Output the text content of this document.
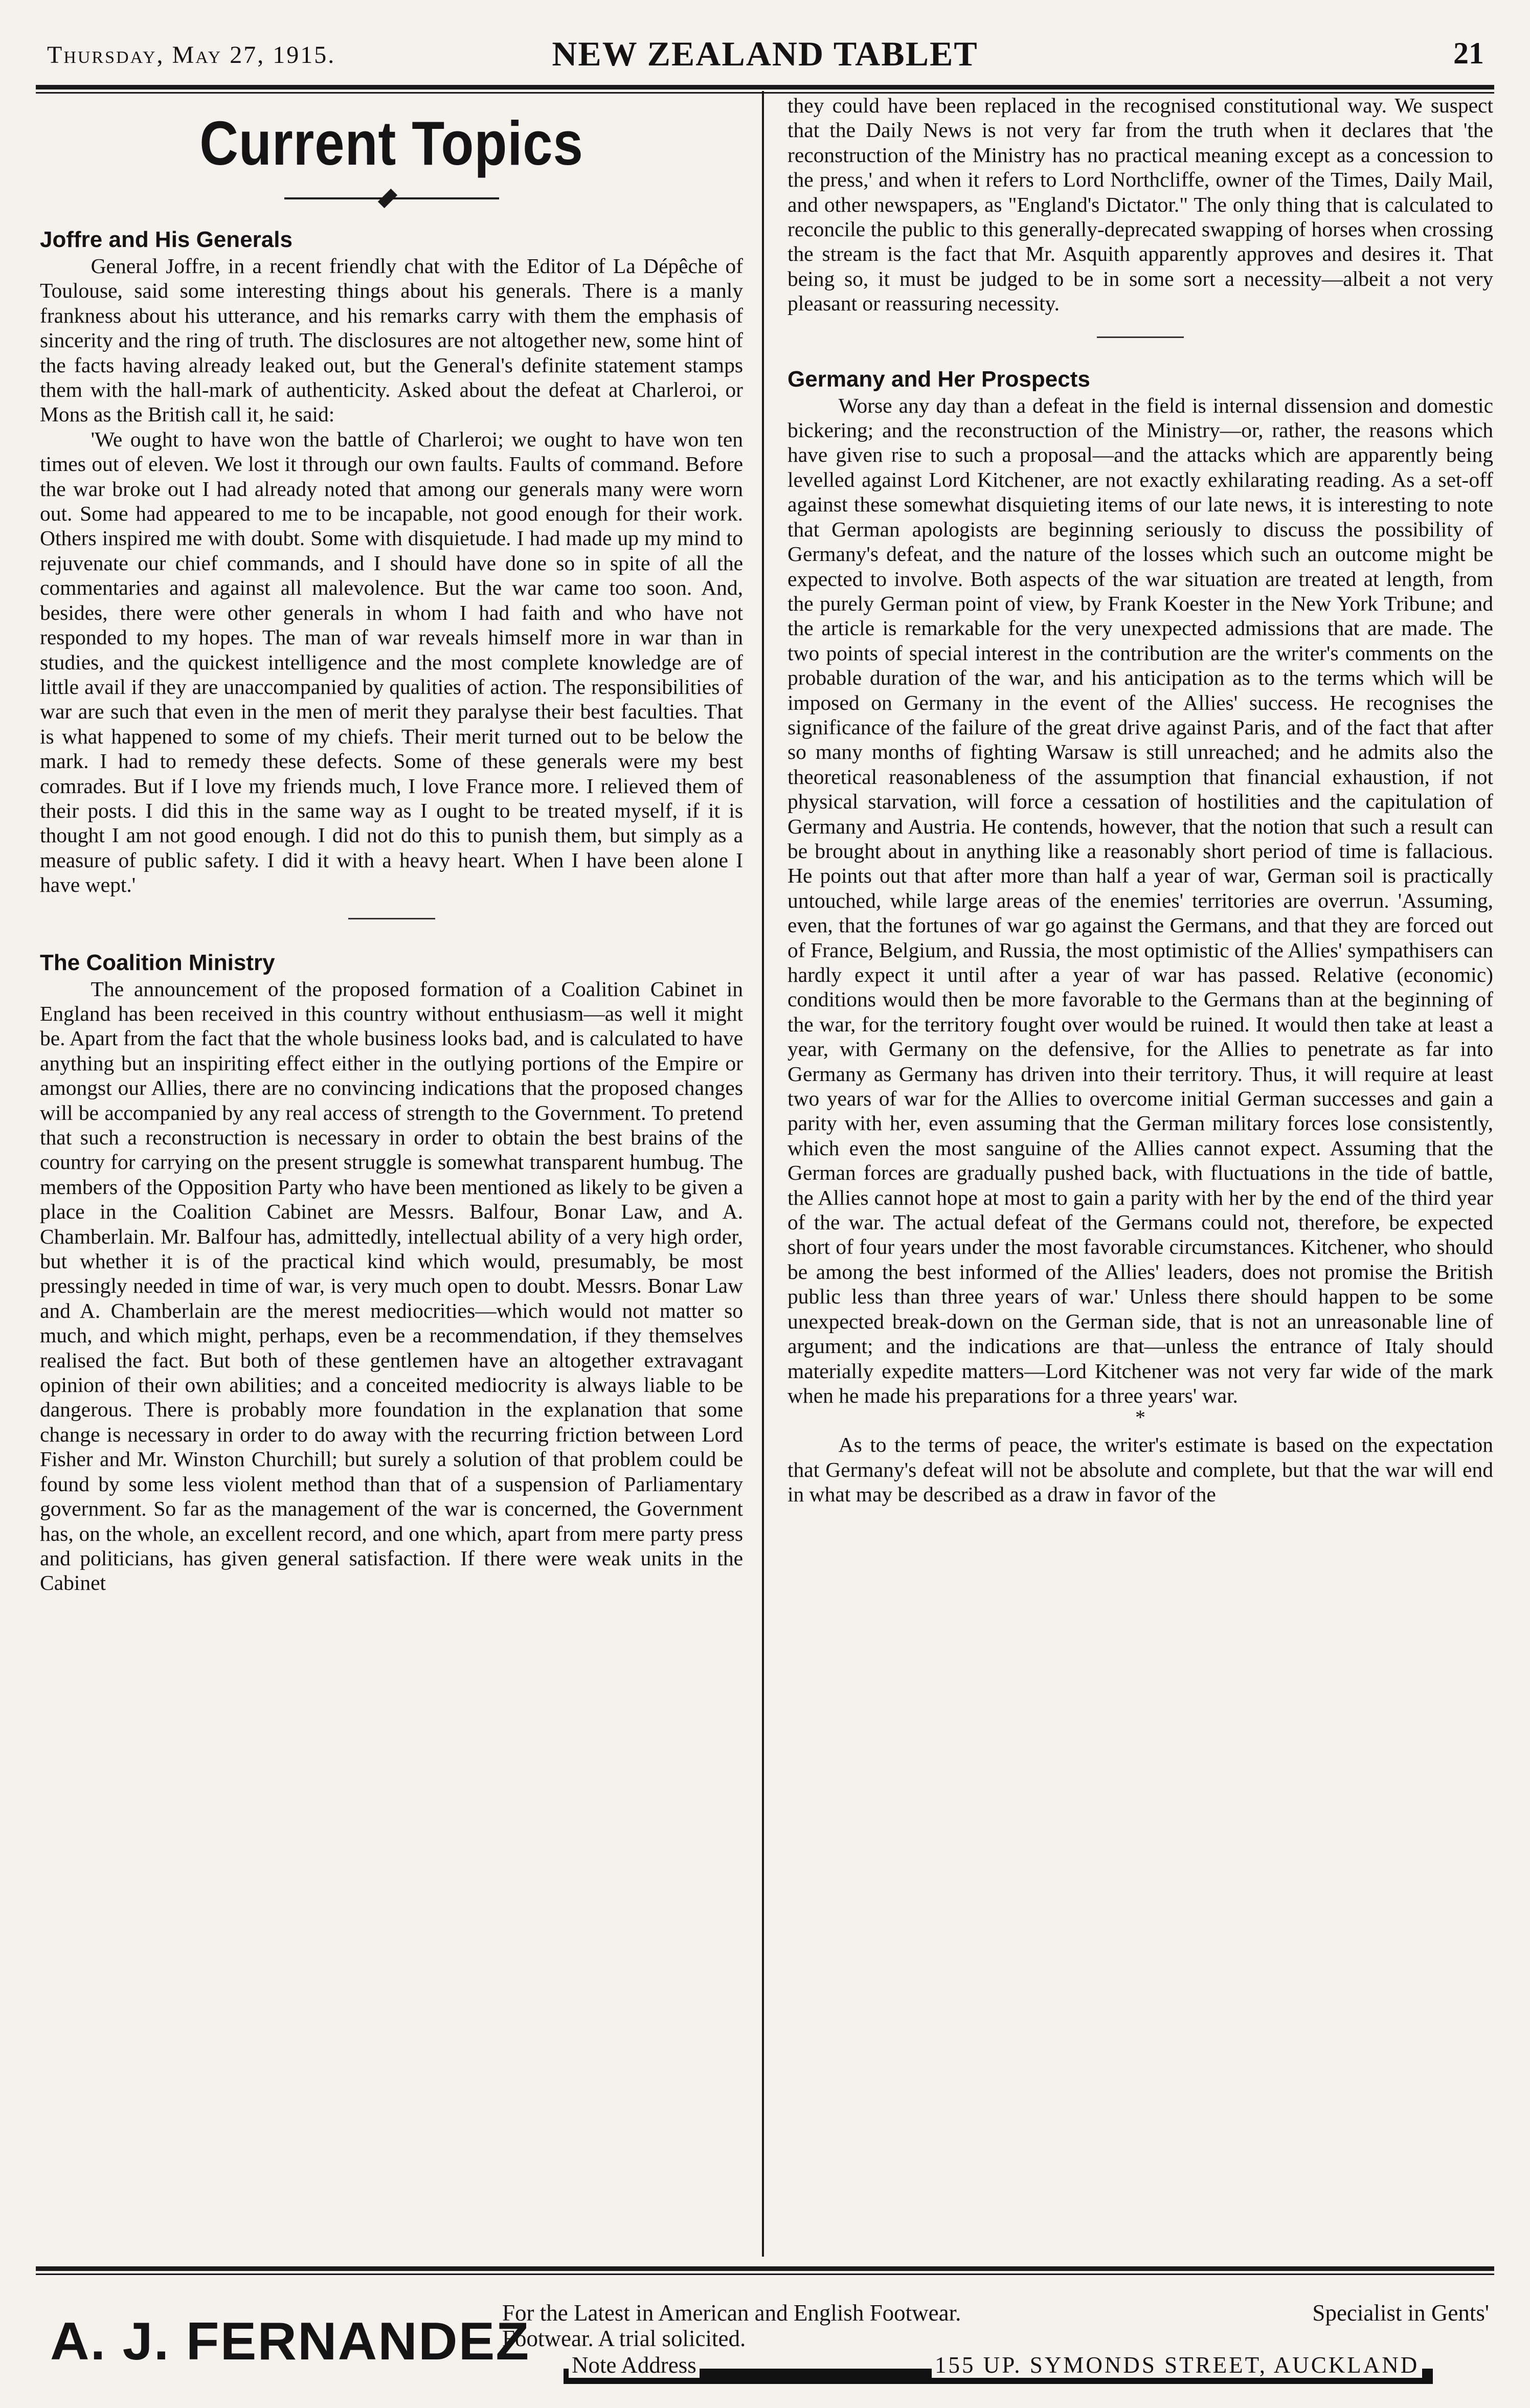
Thursday, May 27, 1915.	NEW ZEALAND TABLET	21
Current Topics
Joffre and His Generals

General Joffre, in a recent friendly chat with the Editor of La Dépêche of Toulouse, said some interesting things about his generals. There is a manly frankness about his utterance, and his remarks carry with them the emphasis of sincerity and the ring of truth. The disclosures are not altogether new, some hint of the facts having already leaked out, but the General's definite statement stamps them with the hall-mark of authenticity. Asked about the defeat at Charleroi, or Mons as the British call it, he said:

'We ought to have won the battle of Charleroi; we ought to have won ten times out of eleven. We lost it through our own faults. Faults of command. Before the war broke out I had already noted that among our generals many were worn out. Some had appeared to me to be incapable, not good enough for their work. Others inspired me with doubt. Some with disquietude. I had made up my mind to rejuvenate our chief commands, and I should have done so in spite of all the commentaries and against all malevolence. But the war came too soon. And, besides, there were other generals in whom I had faith and who have not responded to my hopes. The man of war reveals himself more in war than in studies, and the quickest intelligence and the most complete knowledge are of little avail if they are unaccompanied by qualities of action. The responsibilities of war are such that even in the men of merit they paralyse their best faculties. That is what happened to some of my chiefs. Their merit turned out to be below the mark. I had to remedy these defects. Some of these generals were my best comrades. But if I love my friends much, I love France more. I relieved them of their posts. I did this in the same way as I ought to be treated myself, if it is thought I am not good enough. I did not do this to punish them, but simply as a measure of public safety. I did it with a heavy heart. When I have been alone I have wept.'

The Coalition Ministry

The announcement of the proposed formation of a Coalition Cabinet in England has been received in this country without enthusiasm—as well it might be. Apart from the fact that the whole business looks bad, and is calculated to have anything but an inspiriting effect either in the outlying portions of the Empire or amongst our Allies, there are no convincing indications that the proposed changes will be accompanied by any real access of strength to the Government. To pretend that such a reconstruction is necessary in order to obtain the best brains of the country for carrying on the present struggle is somewhat transparent humbug. The members of the Opposition Party who have been mentioned as likely to be given a place in the Coalition Cabinet are Messrs. Balfour, Bonar Law, and A. Chamberlain. Mr. Balfour has, admittedly, intellectual ability of a very high order, but whether it is of the practical kind which would, presumably, be most pressingly needed in time of war, is very much open to doubt. Messrs. Bonar Law and A. Chamberlain are the merest mediocrities—which would not matter so much, and which might, perhaps, even be a recommendation, if they themselves realised the fact. But both of these gentlemen have an altogether extravagant opinion of their own abilities; and a conceited mediocrity is always liable to be dangerous. There is probably more foundation in the explanation that some change is necessary in order to do away with the recurring friction between Lord Fisher and Mr. Winston Churchill; but surely a solution of that problem could be found by some less violent method than that of a suspension of Parliamentary government. So far as the management of the war is concerned, the Government has, on the whole, an excellent record, and one which, apart from mere party press and politicians, has given general satisfaction. If there were weak units in the Cabinet

they could have been replaced in the recognised constitutional way. We suspect that the Daily News is not very far from the truth when it declares that 'the reconstruction of the Ministry has no practical meaning except as a concession to the press,' and when it refers to Lord Northcliffe, owner of the Times, Daily Mail, and other newspapers, as "England's Dictator." The only thing that is calculated to reconcile the public to this generally-deprecated swapping of horses when crossing the stream is the fact that Mr. Asquith apparently approves and desires it. That being so, it must be judged to be in some sort a necessity—albeit a not very pleasant or reassuring necessity.

Germany and Her Prospects

Worse any day than a defeat in the field is internal dissension and domestic bickering; and the reconstruction of the Ministry—or, rather, the reasons which have given rise to such a proposal—and the attacks which are apparently being levelled against Lord Kitchener, are not exactly exhilarating reading. As a set-off against these somewhat disquieting items of our late news, it is interesting to note that German apologists are beginning seriously to discuss the possibility of Germany's defeat, and the nature of the losses which such an outcome might be expected to involve. Both aspects of the war situation are treated at length, from the purely German point of view, by Frank Koester in the New York Tribune; and the article is remarkable for the very unexpected admissions that are made. The two points of special interest in the contribution are the writer's comments on the probable duration of the war, and his anticipation as to the terms which will be imposed on Germany in the event of the Allies' success. He recognises the significance of the failure of the great drive against Paris, and of the fact that after so many months of fighting Warsaw is still unreached; and he admits also the theoretical reasonableness of the assumption that financial exhaustion, if not physical starvation, will force a cessation of hostilities and the capitulation of Germany and Austria. He contends, however, that the notion that such a result can be brought about in anything like a reasonably short period of time is fallacious. He points out that after more than half a year of war, German soil is practically untouched, while large areas of the enemies' territories are overrun. 'Assuming, even, that the fortunes of war go against the Germans, and that they are forced out of France, Belgium, and Russia, the most optimistic of the Allies' sympathisers can hardly expect it until after a year of war has passed. Relative (economic) conditions would then be more favorable to the Germans than at the beginning of the war, for the territory fought over would be ruined. It would then take at least a year, with Germany on the defensive, for the Allies to penetrate as far into Germany as Germany has driven into their territory. Thus, it will require at least two years of war for the Allies to overcome initial German successes and gain a parity with her, even assuming that the German military forces lose consistently, which even the most sanguine of the Allies cannot expect. Assuming that the German forces are gradually pushed back, with fluctuations in the tide of battle, the Allies cannot hope at most to gain a parity with her by the end of the third year of the war. The actual defeat of the Germans could not, therefore, be expected short of four years under the most favorable circumstances. Kitchener, who should be among the best informed of the Allies' leaders, does not promise the British public less than three years of war.' Unless there should happen to be some unexpected break-down on the German side, that is not an unreasonable line of argument; and the indications are that—unless the entrance of Italy should materially expedite matters—Lord Kitchener was not very far wide of the mark when he made his preparations for a three years' war.

*

As to the terms of peace, the writer's estimate is based on the expectation that Germany's defeat will not be absolute and complete, but that the war will end in what may be described as a draw in favor of the

A. J. FERNANDEZ
For the Latest in American and English Footwear.	Specialist in Gents'

Footwear. A trial solicited.
Note Address	155 UP. SYMONDS STREET, AUCKLAND
